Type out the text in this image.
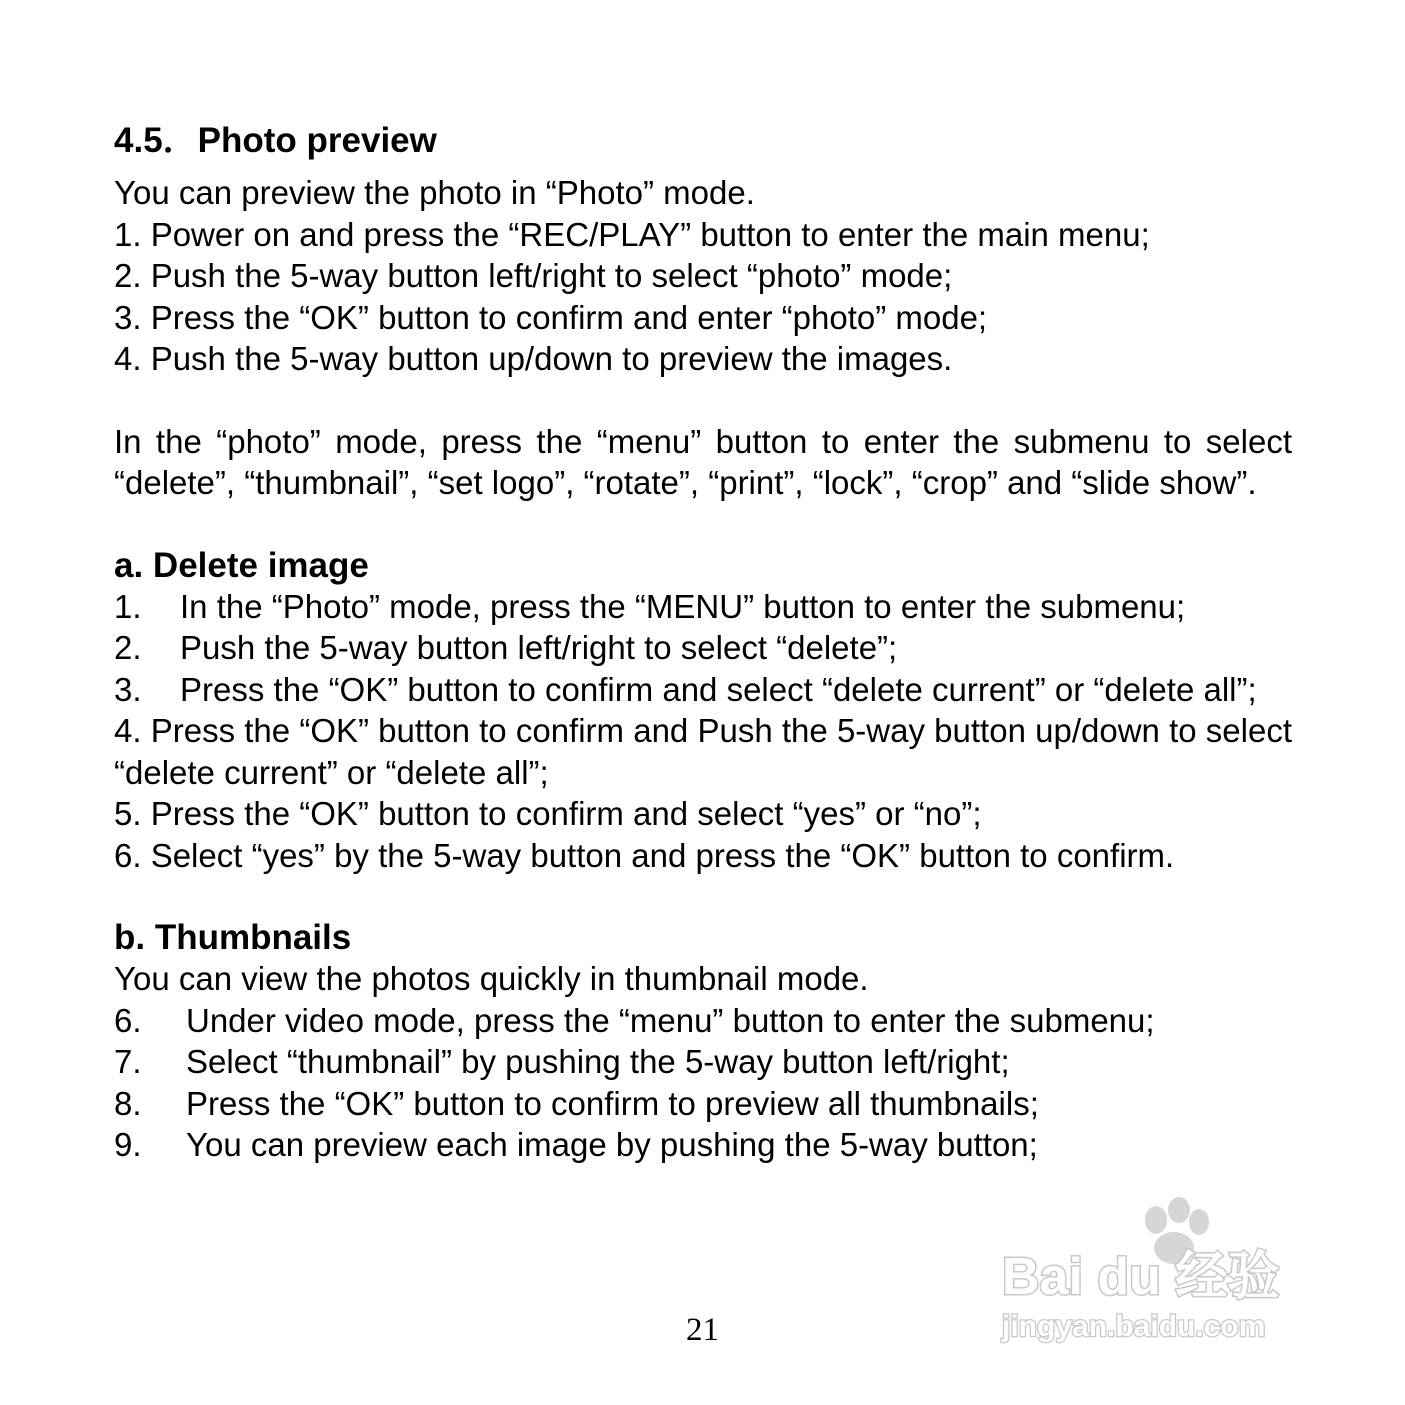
4.5．Photo preview

You can preview the photo in “Photo” mode.

1. Power on and press the “REC/PLAY” button to enter the main menu;

2. Push the 5-way button left/right to select “photo” mode;

3. Press the “OK” button to confirm and enter “photo” mode;

4. Push the 5-way button up/down to preview the images.

In the “photo” mode, press the “menu” button to enter the submenu to select “delete”, “thumbnail”, “set logo”, “rotate”, “print”, “lock”, “crop” and “slide show”.

a. Delete image

1.	In the “Photo” mode, press the “MENU” button to enter the submenu;
2.	Push the 5-way button left/right to select “delete”;
3.	Press the “OK” button to confirm and select “delete current” or “delete all”;

4. Press the “OK” button to confirm and Push the 5-way button up/down to select “delete current” or “delete all”;

5. Press the “OK” button to confirm and select “yes” or “no”;

6. Select “yes” by the 5-way button and press the “OK” button to confirm.

b. Thumbnails

You can view the photos quickly in thumbnail mode.

6.	Under video mode, press the “menu” button to enter the submenu;
7.	Select “thumbnail” by pushing the 5-way button left/right;
8.	Press the “OK” button to confirm to preview all thumbnails;
9.	You can preview each image by pushing the 5-way button;
21
Bai du 经验
jingyan.baidu.com
